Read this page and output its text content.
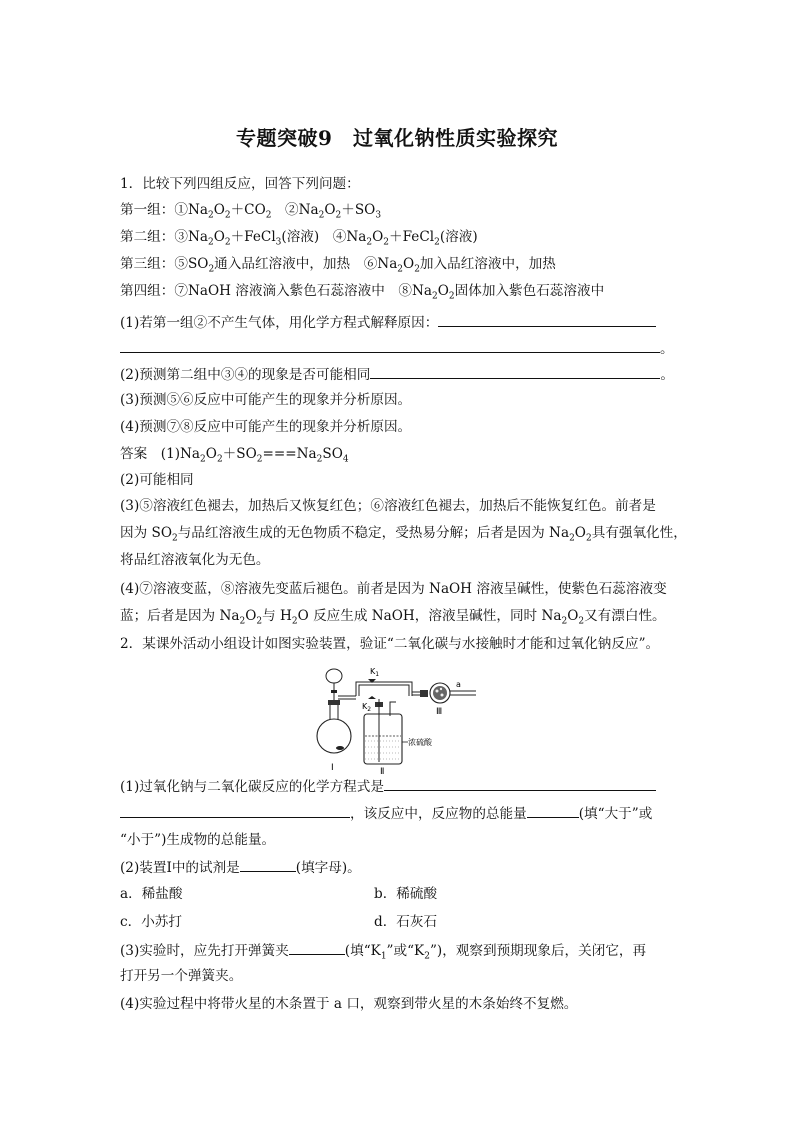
专题突破9　过氧化钠性质实验探究
1．比较下列四组反应，回答下列问题：
第一组：$①Na_2O_2+CO_2$　$②Na_2O_2+SO_3$
第二组：$③Na_2O_2+FeCl_3$(溶液)　$④Na_2O_2+FeCl_2$(溶液)
第三组：$⑤SO_2$通入品红溶液中，加热　$⑥Na_2O_2$加入品红溶液中，加热
第四组：⑦NaOH 溶液滴入紫色石蕊溶液中　$⑧Na_2O_2$固体加入紫色石蕊溶液中
(1)若第一组②不产生气体，用化学方程式解释原因：
。
(2)预测第二组中③④的现象是否可能相同	。
(3)预测⑤⑥反应中可能产生的现象并分析原因。
(4)预测⑦⑧反应中可能产生的现象并分析原因。
答案　$(1)Na_2O_2+SO_2===Na_2SO_4$
(2)可能相同
(3)⑤溶液红色褪去，加热后又恢复红色；⑥溶液红色褪去，加热后不能恢复红色。前者是
因为 $SO_2$与品红溶液生成的无色物质不稳定，受热易分解；后者是因为 $Na_2O_2$具有强氧化性，
将品红溶液氧化为无色。
(4)⑦溶液变蓝，⑧溶液先变蓝后褪色。前者是因为 NaOH 溶液呈碱性，使紫色石蕊溶液变
蓝；后者是因为 $Na_2O_2$与 $H_2O$ 反应生成 NaOH，溶液呈碱性，同时 $Na_2O_2$又有漂白性。
2．某课外活动小组设计如图实验装置，验证“二氧化碳与水接触时才能和过氧化钠反应”。
$K_1$
$K_2$
浓硫酸
a
Ⅲ
Ⅰ	Ⅱ
(1)过氧化钠与二氧化碳反应的化学方程式是
，该反应中，反应物的总能量	(填“大于”或
“小于”)生成物的总能量。
(2)装置Ⅰ中的试剂是	(填字母)。
a．稀盐酸	b．稀硫酸
c．小苏打	d．石灰石
(3)实验时，应先打开弹簧夹	(填“$K_1$”或“$K_2$”)，观察到预期现象后，关闭它，再
打开另一个弹簧夹。
(4)实验过程中将带火星的木条置于 a 口，观察到带火星的木条始终不复燃。
